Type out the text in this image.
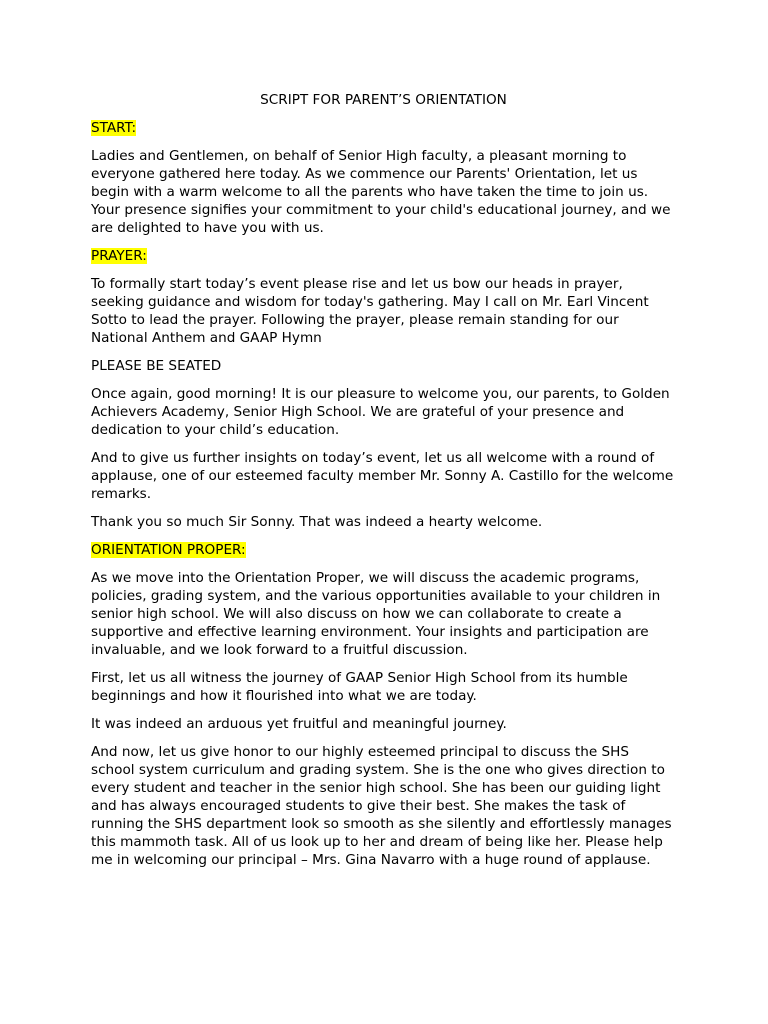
SCRIPT FOR PARENT’S ORIENTATION
START:

Ladies and Gentlemen, on behalf of Senior High faculty, a pleasant morning to everyone gathered here today. As we commence our Parents' Orientation, let us begin with a warm welcome to all the parents who have taken the time to join us. Your presence signifies your commitment to your child's educational journey, and we are delighted to have you with us.

PRAYER:

To formally start today’s event please rise and let us bow our heads in prayer, seeking guidance and wisdom for today's gathering. May I call on Mr. Earl Vincent Sotto to lead the prayer. Following the prayer, please remain standing for our National Anthem and GAAP Hymn

PLEASE BE SEATED

Once again, good morning! It is our pleasure to welcome you, our parents, to Golden Achievers Academy, Senior High School. We are grateful of your presence and dedication to your child’s education.

And to give us further insights on today’s event, let us all welcome with a round of applause, one of our esteemed faculty member Mr. Sonny A. Castillo for the welcome remarks.

Thank you so much Sir Sonny. That was indeed a hearty welcome.

ORIENTATION PROPER:

As we move into the Orientation Proper, we will discuss the academic programs, policies, grading system, and the various opportunities available to your children in senior high school. We will also discuss on how we can collaborate to create a supportive and effective learning environment. Your insights and participation are invaluable, and we look forward to a fruitful discussion.

First, let us all witness the journey of GAAP Senior High School from its humble beginnings and how it flourished into what we are today.

It was indeed an arduous yet fruitful and meaningful journey.

And now, let us give honor to our highly esteemed principal to discuss the SHS school system curriculum and grading system. She is the one who gives direction to every student and teacher in the senior high school. She has been our guiding light and has always encouraged students to give their best. She makes the task of running the SHS department look so smooth as she silently and effortlessly manages this mammoth task. All of us look up to her and dream of being like her. Please help me in welcoming our principal – Mrs. Gina Navarro with a huge round of applause.
